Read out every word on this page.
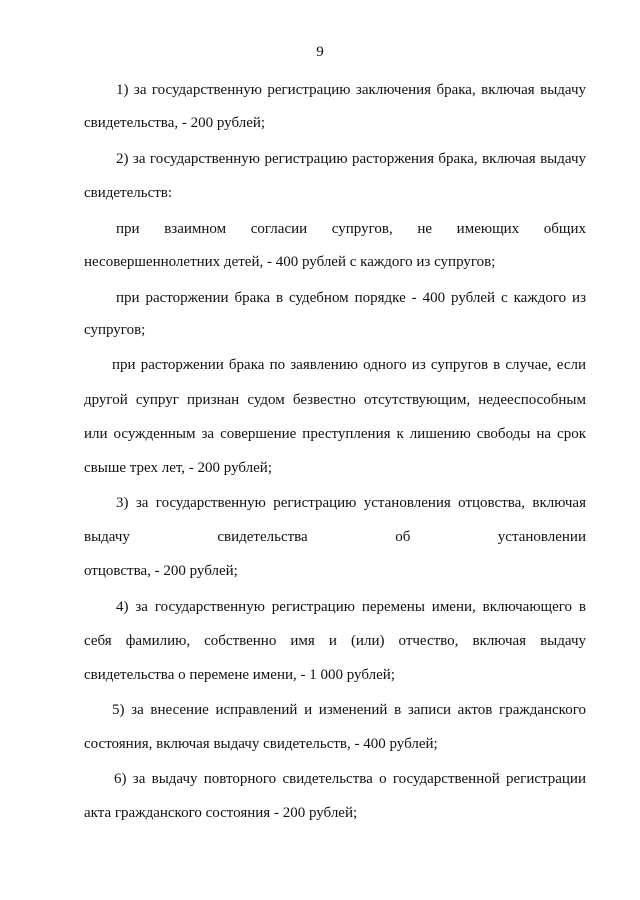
9
1) за государственную регистрацию заключения брака, включая выдачу
свидетельства, - 200 рублей;
2) за государственную регистрацию расторжения брака, включая выдачу
свидетельств:
при взаимном согласии супругов, не имеющих общих
несовершеннолетних детей, - 400 рублей с каждого из супругов;
при расторжении брака в судебном порядке - 400 рублей с каждого из
супругов;
при расторжении брака по заявлению одного из супругов в случае, если
другой супруг признан судом безвестно отсутствующим, недееспособным
или осужденным за совершение преступления к лишению свободы на срок
свыше трех лет, - 200 рублей;
3) за государственную регистрацию установления отцовства, включая
выдачу свидетельства об установлении
отцовства, - 200 рублей;
4) за государственную регистрацию перемены имени, включающего в
себя фамилию, собственно имя и (или) отчество, включая выдачу
свидетельства о перемене имени, - 1 000 рублей;
5) за внесение исправлений и изменений в записи актов гражданского
состояния, включая выдачу свидетельств, - 400 рублей;
6) за выдачу повторного свидетельства о государственной регистрации
акта гражданского состояния - 200 рублей;
